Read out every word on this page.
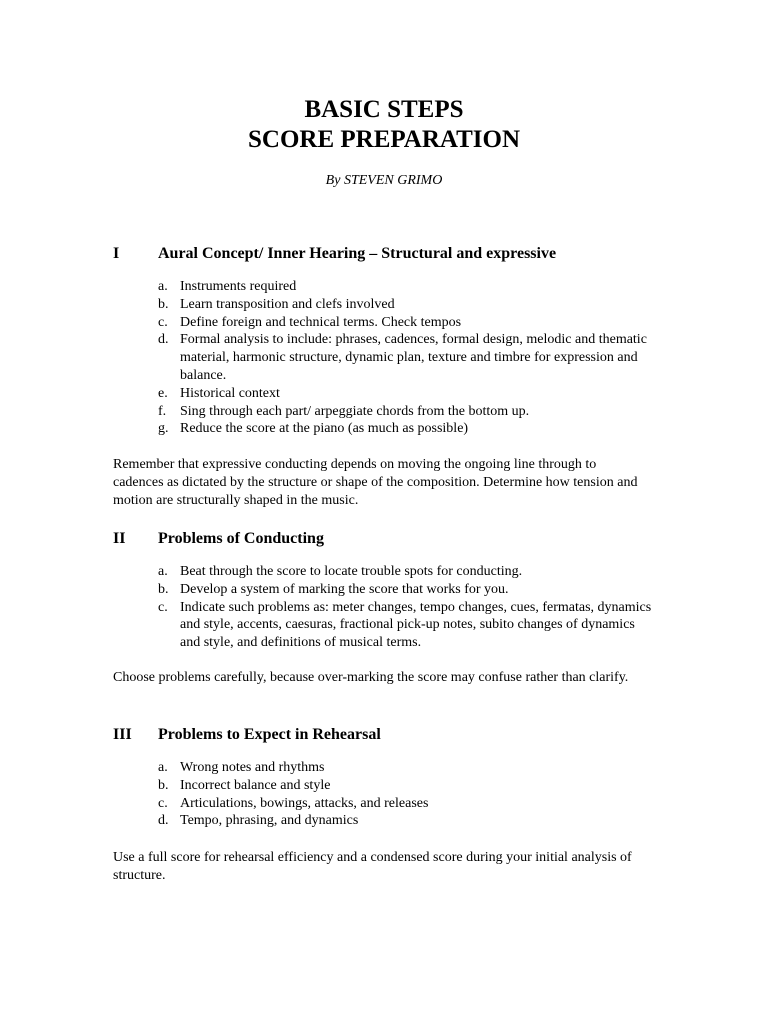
BASIC STEPS
SCORE PREPARATION
By STEVEN GRIMO
I Aural Concept/ Inner Hearing – Structural and expressive
a. Instruments required
b. Learn transposition and clefs involved
c. Define foreign and technical terms. Check tempos
d. Formal analysis to include: phrases, cadences, formal design, melodic and thematic material, harmonic structure, dynamic plan, texture and timbre for expression and balance.
e. Historical context
f. Sing through each part/ arpeggiate chords from the bottom up.
g. Reduce the score at the piano (as much as possible)

Remember that expressive conducting depends on moving the ongoing line through to cadences as dictated by the structure or shape of the composition. Determine how tension and motion are structurally shaped in the music.

II Problems of Conducting
a. Beat through the score to locate trouble spots for conducting.
b. Develop a system of marking the score that works for you.
c. Indicate such problems as: meter changes, tempo changes, cues, fermatas, dynamics and style, accents, caesuras, fractional pick-up notes, subito changes of dynamics and style, and definitions of musical terms.

Choose problems carefully, because over-marking the score may confuse rather than clarify.

III Problems to Expect in Rehearsal
a. Wrong notes and rhythms
b. Incorrect balance and style
c. Articulations, bowings, attacks, and releases
d. Tempo, phrasing, and dynamics

Use a full score for rehearsal efficiency and a condensed score during your initial analysis of structure.
